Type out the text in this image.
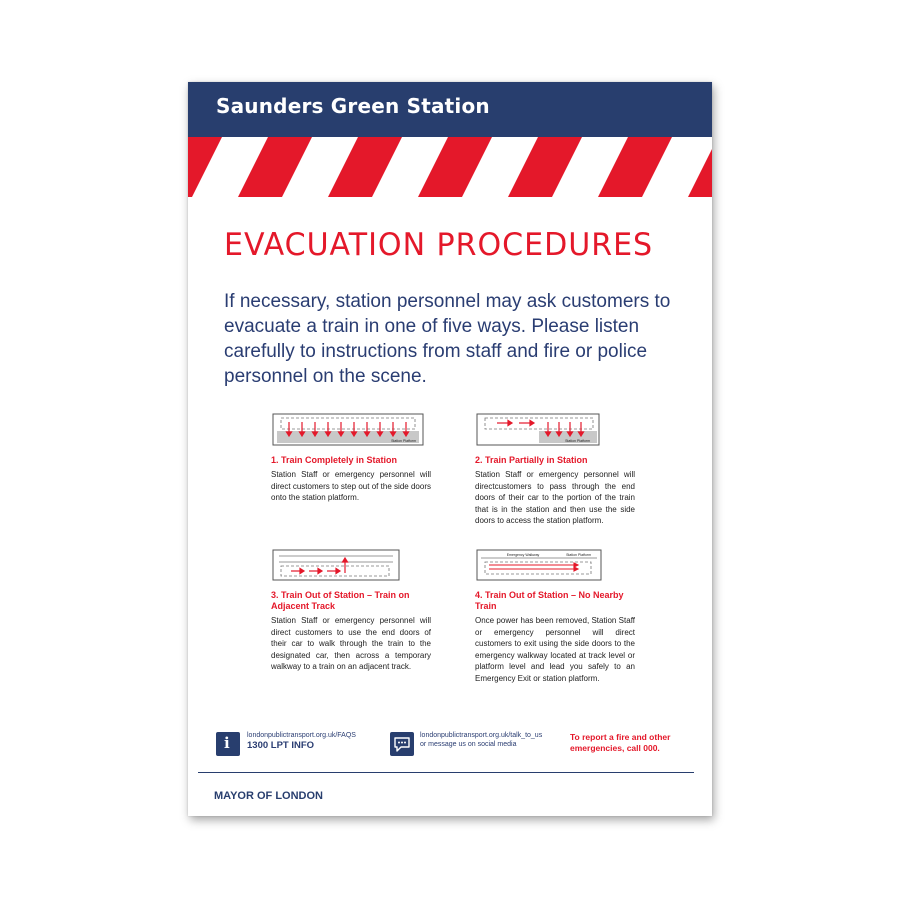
Saunders Green Station
EVACUATION PROCEDURES
If necessary, station personnel may ask customers to evacuate a train in one of five ways. Please listen carefully to instructions from staff and fire or police personnel on the scene.
Station Platform
1. Train Completely in Station
Station Staff or emergency personnel will direct customers to step out of the side doors onto the station platform.
Station Platform
2. Train Partially in Station
Station Staff or emergency personnel will directcustomers to pass through the end doors of their car to the portion of the train that is in the station and then use the side doors to access the station platform.
3. Train Out of Station – Train on Adjacent Track
Station Staff or emergency personnel will direct customers to use the end doors of their car to walk through the train to the designated car, then across a temporary walkway to a train on an adjacent track.
Emergency Walkway	Station Platform
4. Train Out of Station – No Nearby Train
Once power has been removed, Station Staff or emergency personnel will direct customers to exit using the side doors to the emergency walkway located at track level or platform level and lead you safely to an Emergency Exit or station platform.
i londonpublictransport.org.uk/FAQS
1300 LPT INFO
londonpublictransport.org.uk/talk_to_us
or message us on social media
To report a fire and other emergencies, call 000.
MAYOR OF LONDON
